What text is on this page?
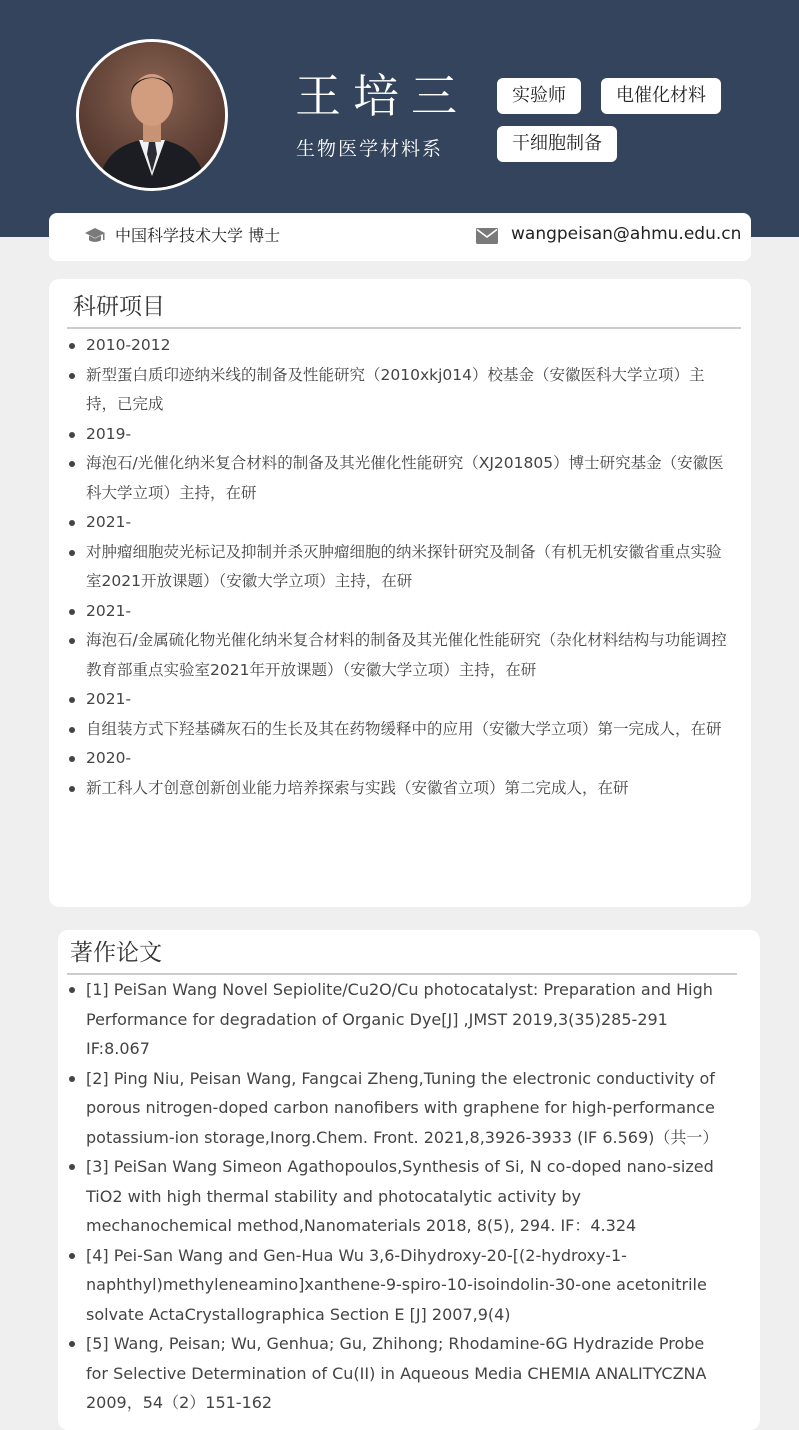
王培三
生物医学材料系
实验师	电催化材料
干细胞制备
中国科学技术大学 博士	wangpeisan@ahmu.edu.cn
科研项目
2010-2012
新型蛋白质印迹纳米线的制备及性能研究（2010xkj014）校基金（安徽医科大学立项）主持，已完成
2019-
海泡石/光催化纳米复合材料的制备及其光催化性能研究（XJ201805）博士研究基金（安徽医科大学立项）主持，在研
2021-
对肿瘤细胞荧光标记及抑制并杀灭肿瘤细胞的纳米探针研究及制备（有机无机安徽省重点实验室2021开放课题）（安徽大学立项）主持，在研
2021-
海泡石/金属硫化物光催化纳米复合材料的制备及其光催化性能研究（杂化材料结构与功能调控教育部重点实验室2021年开放课题）（安徽大学立项）主持，在研
2021-
自组装方式下羟基磷灰石的生长及其在药物缓释中的应用（安徽大学立项）第一完成人，在研
2020-
新工科人才创意创新创业能力培养探索与实践（安徽省立项）第二完成人，在研
著作论文
[1] PeiSan Wang Novel Sepiolite/Cu2O/Cu photocatalyst: Preparation and High Performance for degradation of Organic Dye[J] ,JMST 2019,3(35)285-291 IF:8.067
[2] Ping Niu, Peisan Wang, Fangcai Zheng,Tuning the electronic conductivity of porous nitrogen-doped carbon nanofibers with graphene for high-performance potassium-ion storage,Inorg.Chem. Front. 2021,8,3926-3933 (IF 6.569)（共一）
[3] PeiSan Wang Simeon Agathopoulos,Synthesis of Si, N co-doped nano-sized TiO2 with high thermal stability and photocatalytic activity by mechanochemical method,Nanomaterials 2018, 8(5), 294. IF：4.324
[4] Pei-San Wang and Gen-Hua Wu 3,6-Dihydroxy-20-[(2-hydroxy-1-naphthyl)methyleneamino]xanthene-9-spiro-10-isoindolin-30-one acetonitrile solvate ActaCrystallographica Section E [J] 2007,9(4)
[5] Wang, Peisan; Wu, Genhua; Gu, Zhihong; Rhodamine-6G Hydrazide Probe for Selective Determination of Cu(II) in Aqueous Media CHEMIA ANALITYCZNA 2009，54（2）151-162
